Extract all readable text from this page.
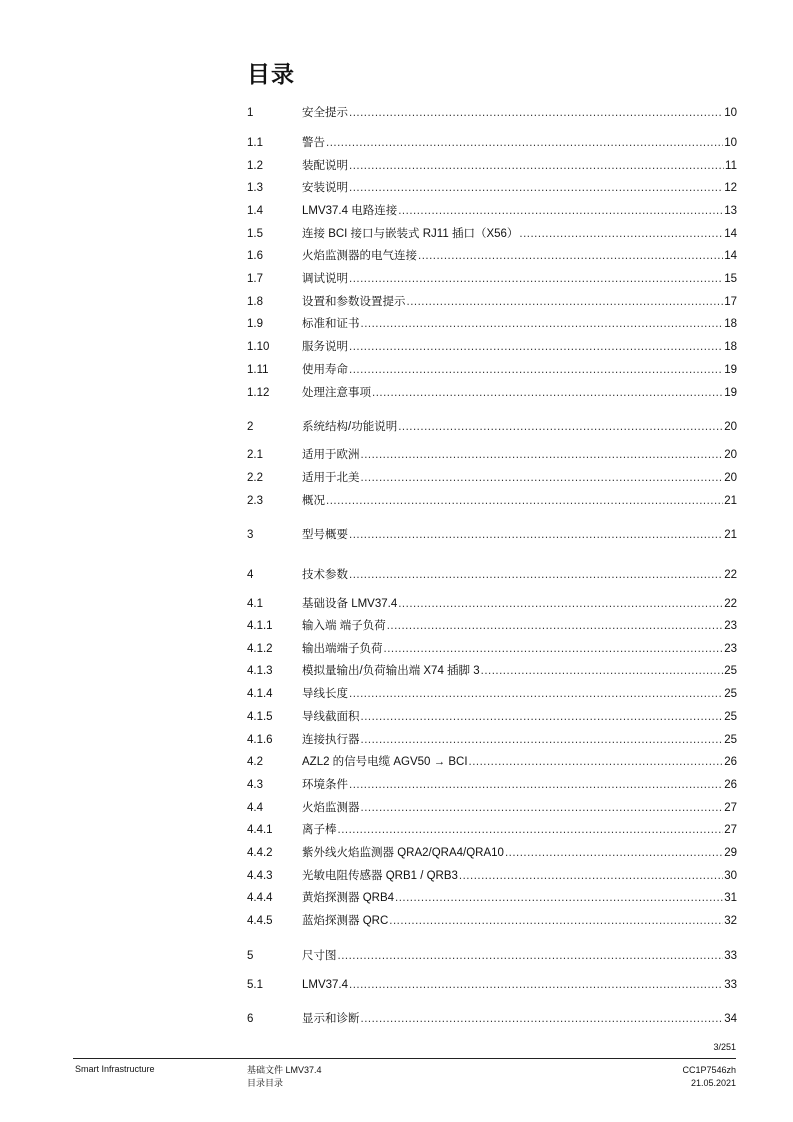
目录
1	安全提示 .....	10
1.1	警告 .....	10
1.2	装配说明 .....	11
1.3	安装说明 .....	12
1.4	LMV37.4 电路连接 .....	13
1.5	连接 BCI 接口与嵌装式 RJ11 插口（X56） .....	14
1.6	火焰监测器的电气连接 .....	14
1.7	调试说明 .....	15
1.8	设置和参数设置提示 .....	17
1.9	标准和证书 .....	18
1.10	服务说明 .....	18
1.11	使用寿命 .....	19
1.12	处理注意事项 .....	19
2	系统结构/功能说明 .....	20
2.1	适用于欧洲 .....	20
2.2	适用于北美 .....	20
2.3	概况 .....	21
3	型号概要 .....	21
4	技术参数 .....	22
4.1	基础设备 LMV37.4 .....	22
4.1.1	输入端 端子负荷 .....	23
4.1.2	输出端端子负荷 .....	23
4.1.3	模拟量输出/负荷输出端 X74 插脚 3 .....	25
4.1.4	导线长度 .....	25
4.1.5	导线截面积 .....	25
4.1.6	连接执行器 .....	25
4.2	AZL2 的信号电缆 AGV50 → BCI .....	26
4.3	环境条件 .....	26
4.4	火焰监测器 .....	27
4.4.1	离子棒 .....	27
4.4.2	紫外线火焰监测器 QRA2/QRA4/QRA10 .....	29
4.4.3	光敏电阻传感器 QRB1 / QRB3 .....	30
4.4.4	黄焰探测器 QRB4 .....	31
4.4.5	蓝焰探测器 QRC .....	32
5	尺寸图 .....	33
5.1	LMV37.4 .....	33
6	显示和诊断 .....	34
3/251
Smart Infrastructure	基础文件 LMV37.4
目录目录
CC1P7546zh
21.05.2021
